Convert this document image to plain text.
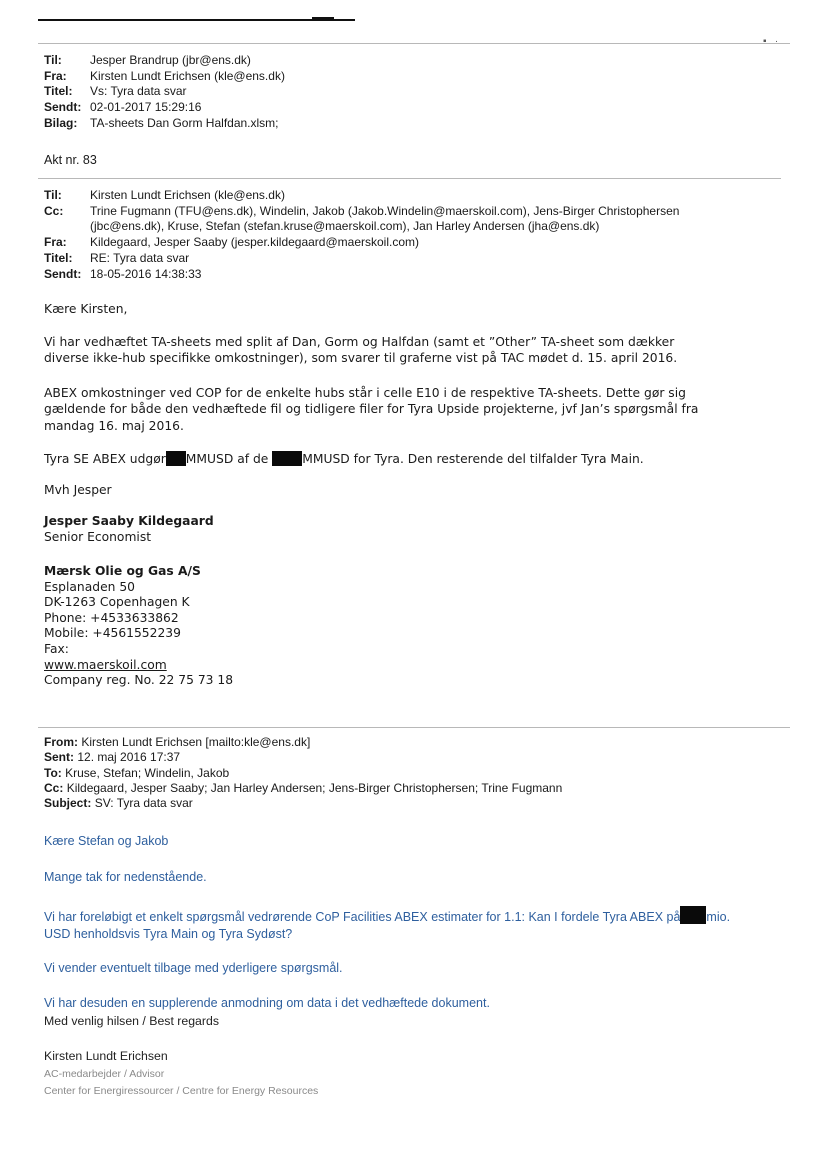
▪   ·
Til:	Jesper Brandrup (jbr@ens.dk)
Fra:	Kirsten Lundt Erichsen (kle@ens.dk)
Titel:	Vs: Tyra data svar
Sendt: 02-01-2017 15:29:16
Bilag:	TA-sheets Dan Gorm Halfdan.xlsm;
Akt nr. 83
Til:	Kirsten Lundt Erichsen (kle@ens.dk)
Cc:	Trine Fugmann (TFU@ens.dk), Windelin, Jakob (Jakob.Windelin@maerskoil.com), Jens-Birger Christophersen
(jbc@ens.dk), Kruse, Stefan (stefan.kruse@maerskoil.com), Jan Harley Andersen (jha@ens.dk)
Fra:	Kildegaard, Jesper Saaby (jesper.kildegaard@maerskoil.com)
Titel:	RE: Tyra data svar
Sendt: 18-05-2016 14:38:33
Kære Kirsten,
Vi har vedhæftet TA-sheets med split af Dan, Gorm og Halfdan (samt et ”Other” TA-sheet som dækker
diverse ikke-hub specifikke omkostninger), som svarer til graferne vist på TAC mødet d. 15. april 2016.
ABEX omkostninger ved COP for de enkelte hubs står i celle E10 i de respektive TA-sheets. Dette gør sig
gældende for både den vedhæftede fil og tidligere filer for Tyra Upside projekterne, jvf Jan’s spørgsmål fra
mandag 16. maj 2016.
Tyra SE ABEX udgør MMUSD af de	MMUSD for Tyra. Den resterende del tilfalder Tyra Main.
Mvh Jesper
Jesper Saaby Kildegaard
Senior Economist
Mærsk Olie og Gas A/S
Esplanaden 50
DK-1263 Copenhagen K
Phone: +4533633862
Mobile: +4561552239
Fax:
www.maerskoil.com
Company reg. No. 22 75 73 18
From: Kirsten Lundt Erichsen [mailto:kle@ens.dk]
Sent: 12. maj 2016 17:37
To: Kruse, Stefan; Windelin, Jakob
Cc: Kildegaard, Jesper Saaby; Jan Harley Andersen; Jens-Birger Christophersen; Trine Fugmann
Subject: SV: Tyra data svar
Kære Stefan og Jakob
Mange tak for nedenstående.
Vi har foreløbigt et enkelt spørgsmål vedrørende CoP Facilities ABEX estimater for 1.1: Kan I fordele Tyra ABEX på mio.
USD henholdsvis Tyra Main og Tyra Sydøst?
Vi vender eventuelt tilbage med yderligere spørgsmål.
Vi har desuden en supplerende anmodning om data i det vedhæftede dokument.
Med venlig hilsen / Best regards
Kirsten Lundt Erichsen
AC-medarbejder / Advisor
Center for Energiressourcer / Centre for Energy Resources
